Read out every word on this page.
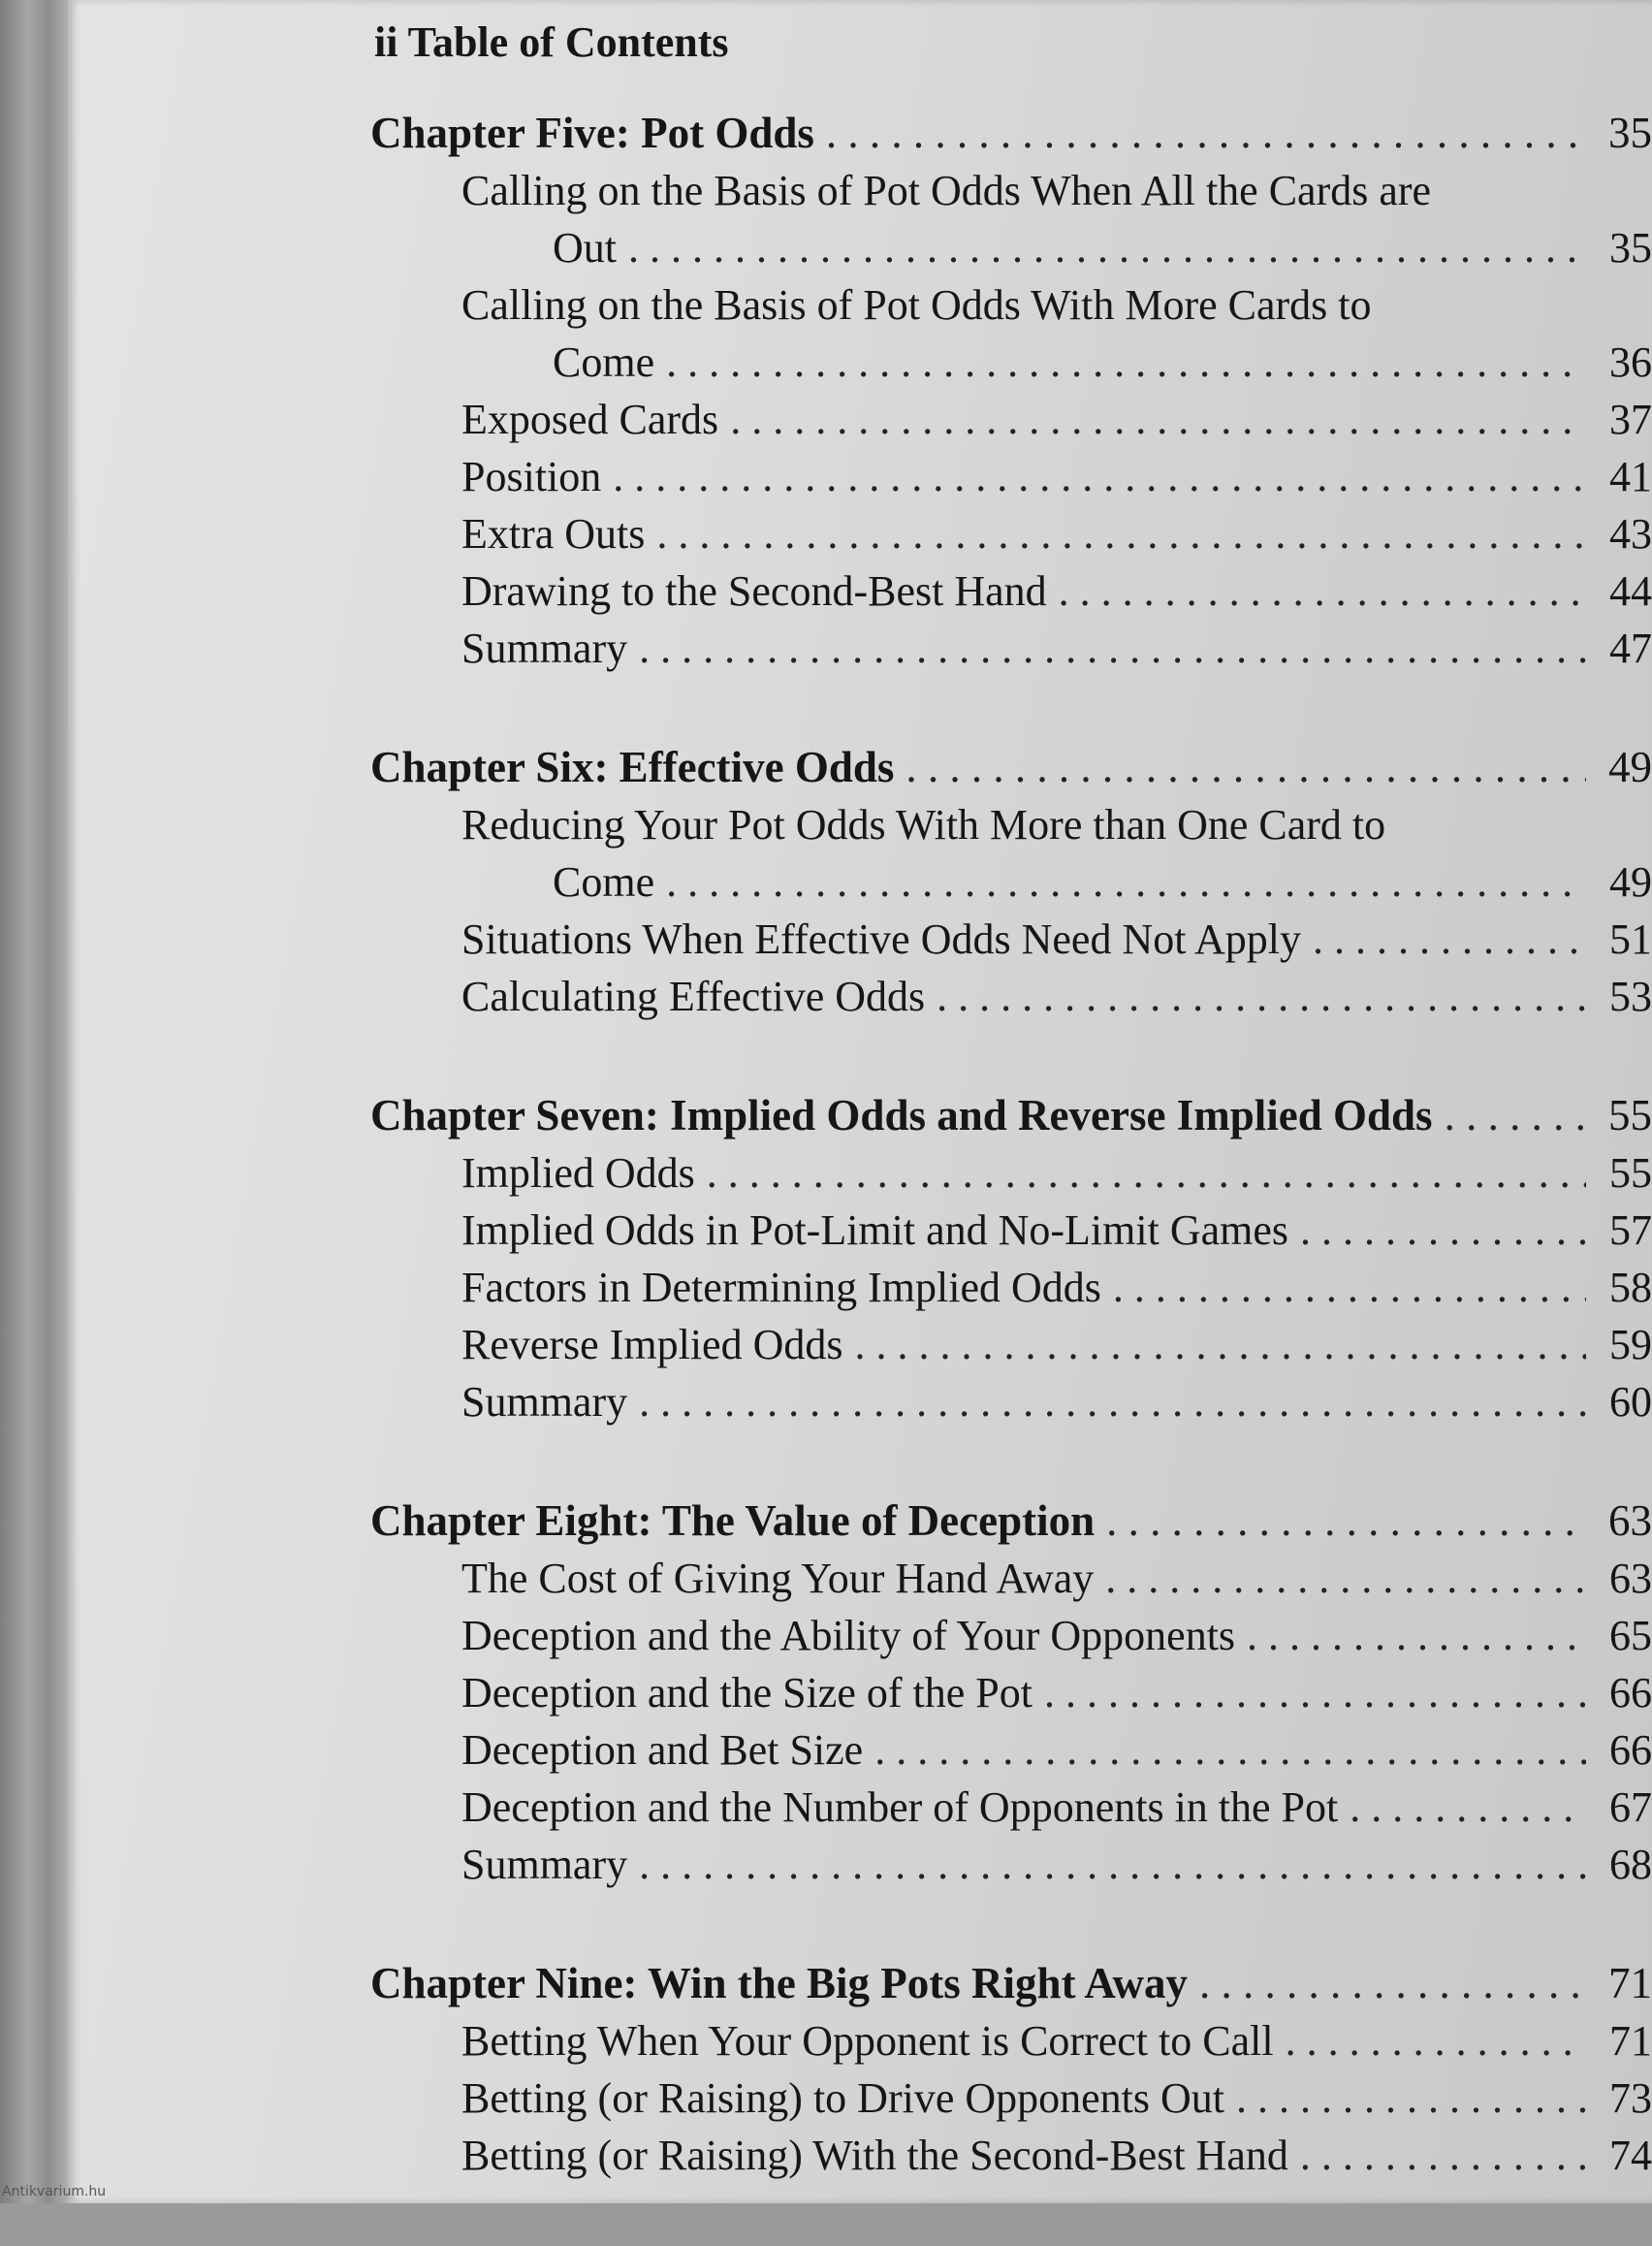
ii Table of Contents
Chapter Five: Pot Odds . . .	35
Calling on the Basis of Pot Odds When All the Cards are
Out . . .	35
Calling on the Basis of Pot Odds With More Cards to
Come . . .	36
Exposed Cards . . .	37
Position . . .	41
Extra Outs . . .	43
Drawing to the Second-Best Hand . . .	44
Summary . . .	47
Chapter Six: Effective Odds . . .	49
Reducing Your Pot Odds With More than One Card to
Come . . .	49
Situations When Effective Odds Need Not Apply . . .	51
Calculating Effective Odds . . .	53
Chapter Seven: Implied Odds and Reverse Implied Odds . . .	55
Implied Odds . . .	55
Implied Odds in Pot-Limit and No-Limit Games . . .	57
Factors in Determining Implied Odds . . .	58
Reverse Implied Odds . . .	59
Summary . . .	60
Chapter Eight: The Value of Deception . . .	63
The Cost of Giving Your Hand Away . . .	63
Deception and the Ability of Your Opponents . . .	65
Deception and the Size of the Pot . . .	66
Deception and Bet Size . . .	66
Deception and the Number of Opponents in the Pot . . .	67
Summary . . .	68
Chapter Nine: Win the Big Pots Right Away . . .	71
Betting When Your Opponent is Correct to Call . . .	71
Betting (or Raising) to Drive Opponents Out . . .	73
Betting (or Raising) With the Second-Best Hand . . .	74
Antikvarium.hu
